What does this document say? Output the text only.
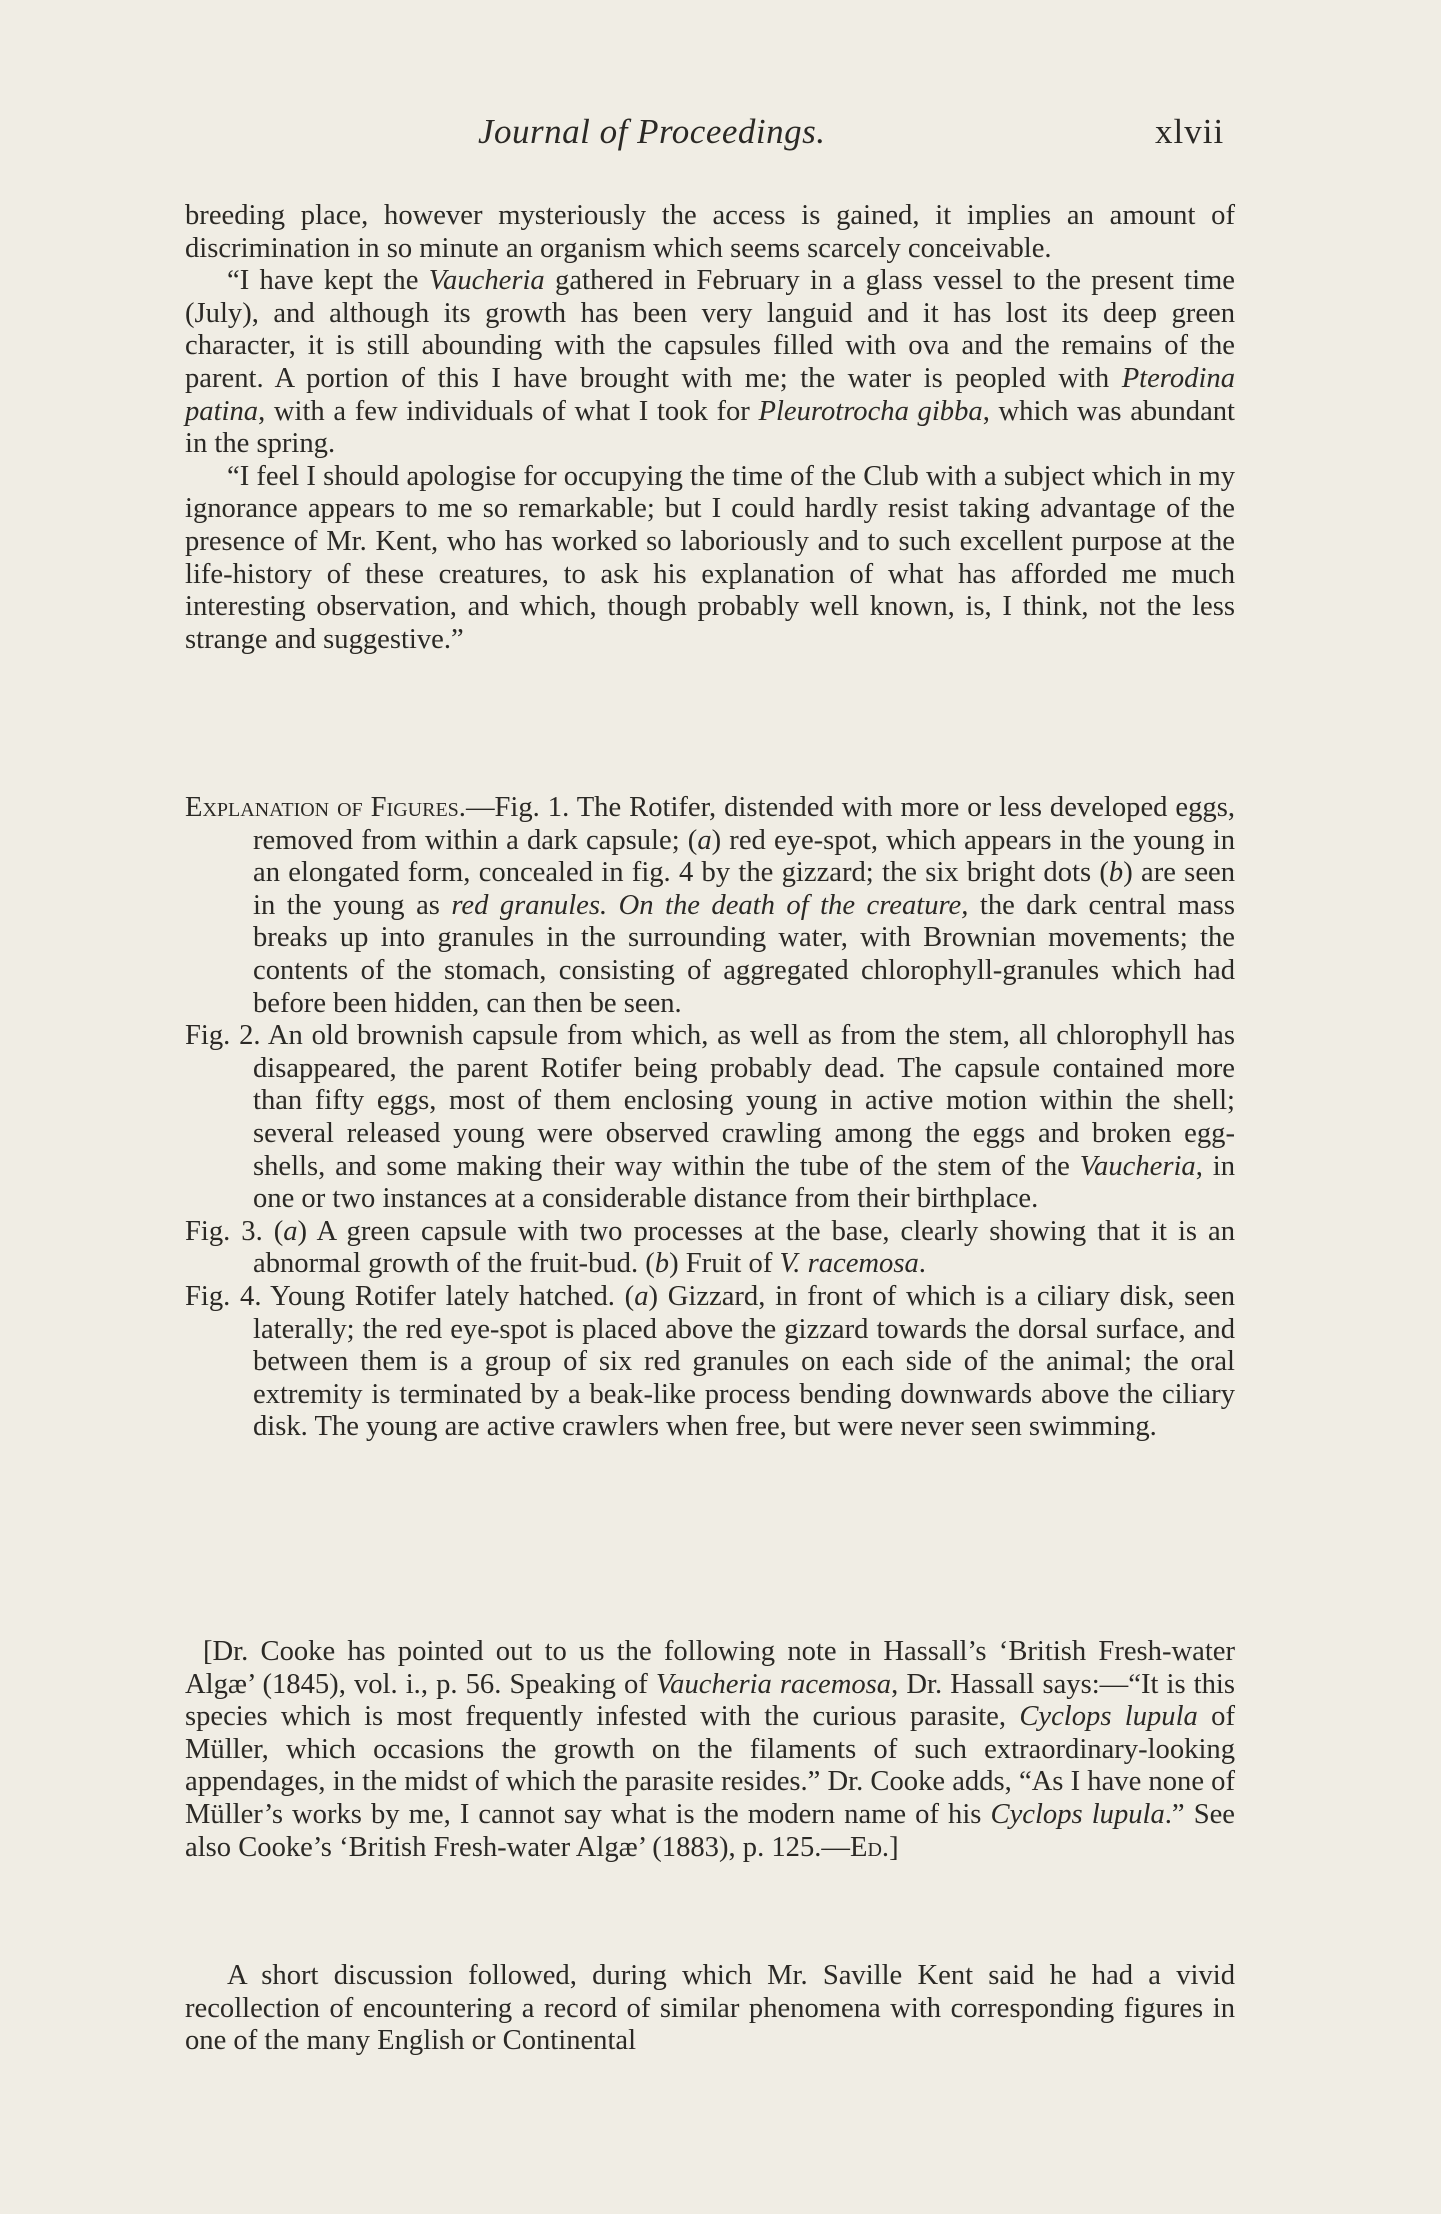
Journal of Proceedings.	xlvii

breeding place, however mysteriously the access is gained, it implies an amount of discrimination in so minute an organism which seems scarcely conceivable.

“I have kept the Vaucheria gathered in February in a glass vessel to the present time (July), and although its growth has been very languid and it has lost its deep green character, it is still abounding with the capsules filled with ova and the remains of the parent. A portion of this I have brought with me; the water is peopled with Pterodina patina, with a few individuals of what I took for Pleurotrocha gibba, which was abundant in the spring.

“I feel I should apologise for occupying the time of the Club with a subject which in my ignorance appears to me so remarkable; but I could hardly resist taking advantage of the presence of Mr. Kent, who has worked so laboriously and to such excellent purpose at the life-history of these creatures, to ask his explanation of what has afforded me much interesting observation, and which, though probably well known, is, I think, not the less strange and suggestive.”

Explanation of Figures.—Fig. 1. The Rotifer, distended with more or less developed eggs, removed from within a dark capsule; (a) red eye-spot, which appears in the young in an elongated form, concealed in fig. 4 by the gizzard; the six bright dots (b) are seen in the young as red granules. On the death of the creature, the dark central mass breaks up into granules in the surrounding water, with Brownian movements; the contents of the stomach, consisting of aggregated chlorophyll-granules which had before been hidden, can then be seen.

Fig. 2. An old brownish capsule from which, as well as from the stem, all chlorophyll has disappeared, the parent Rotifer being probably dead. The capsule contained more than fifty eggs, most of them enclosing young in active motion within the shell; several released young were observed crawling among the eggs and broken egg-shells, and some making their way within the tube of the stem of the Vaucheria, in one or two instances at a considerable distance from their birthplace.

Fig. 3. (a) A green capsule with two processes at the base, clearly showing that it is an abnormal growth of the fruit-bud. (b) Fruit of V. racemosa.

Fig. 4. Young Rotifer lately hatched. (a) Gizzard, in front of which is a ciliary disk, seen laterally; the red eye-spot is placed above the gizzard towards the dorsal surface, and between them is a group of six red granules on each side of the animal; the oral extremity is terminated by a beak-like process bending downwards above the ciliary disk. The young are active crawlers when free, but were never seen swimming.

[Dr. Cooke has pointed out to us the following note in Hassall’s ‘British Fresh-water Algæ’ (1845), vol. i., p. 56. Speaking of Vaucheria racemosa, Dr. Hassall says:—“It is this species which is most frequently infested with the curious parasite, Cyclops lupula of Müller, which occasions the growth on the filaments of such extraordinary-looking appendages, in the midst of which the parasite resides.” Dr. Cooke adds, “As I have none of Müller’s works by me, I cannot say what is the modern name of his Cyclops lupula.” See also Cooke’s ‘British Fresh-water Algæ’ (1883), p. 125.—Ed.]

A short discussion followed, during which Mr. Saville Kent said he had a vivid recollection of encountering a record of similar phenomena with corresponding figures in one of the many English or Continental
